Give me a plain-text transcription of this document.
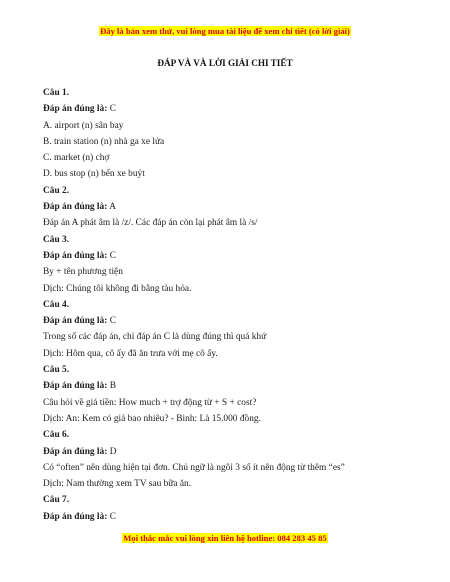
Đây là bản xem thử, vui lòng mua tài liệu để xem chi tiết (có lời giải)
ĐÁP VÀ VÀ LỜI GIẢI CHI TIẾT
Câu 1.
Đáp án đúng là: C
A. airport (n) sân bay
B. train station (n) nhà ga xe lửa
C. market (n) chợ
D. bus stop (n) bến xe buýt
Câu 2.
Đáp án đúng là: A
Đáp án A phát âm là /z/. Các đáp án còn lại phát âm là /s/
Câu 3.
Đáp án đúng là: C
By + tên phương tiện
Dịch: Chúng tôi không đi bằng tàu hỏa.
Câu 4.
Đáp án đúng là: C
Trong số các đáp án, chỉ đáp án C là dùng đúng thì quá khứ
Dịch: Hôm qua, cô ấy đã ăn trưa với mẹ cô ấy.
Câu 5.
Đáp án đúng là: B
Câu hỏi về giá tiền: How much + trợ động từ + S + cost?
Dịch: An: Kem có giá bao nhiêu? - Binh: Là 15.000 đồng.
Câu 6.
Đáp án đúng là: D
Có “often” nên dùng hiện tại đơn. Chủ ngữ là ngôi 3 số ít nên động từ thêm “es”
Dịch: Nam thường xem TV sau bữa ăn.
Câu 7.
Đáp án đúng là: C
Mọi thắc mắc vui lòng xin liên hệ hotline: 084 283 45 85
